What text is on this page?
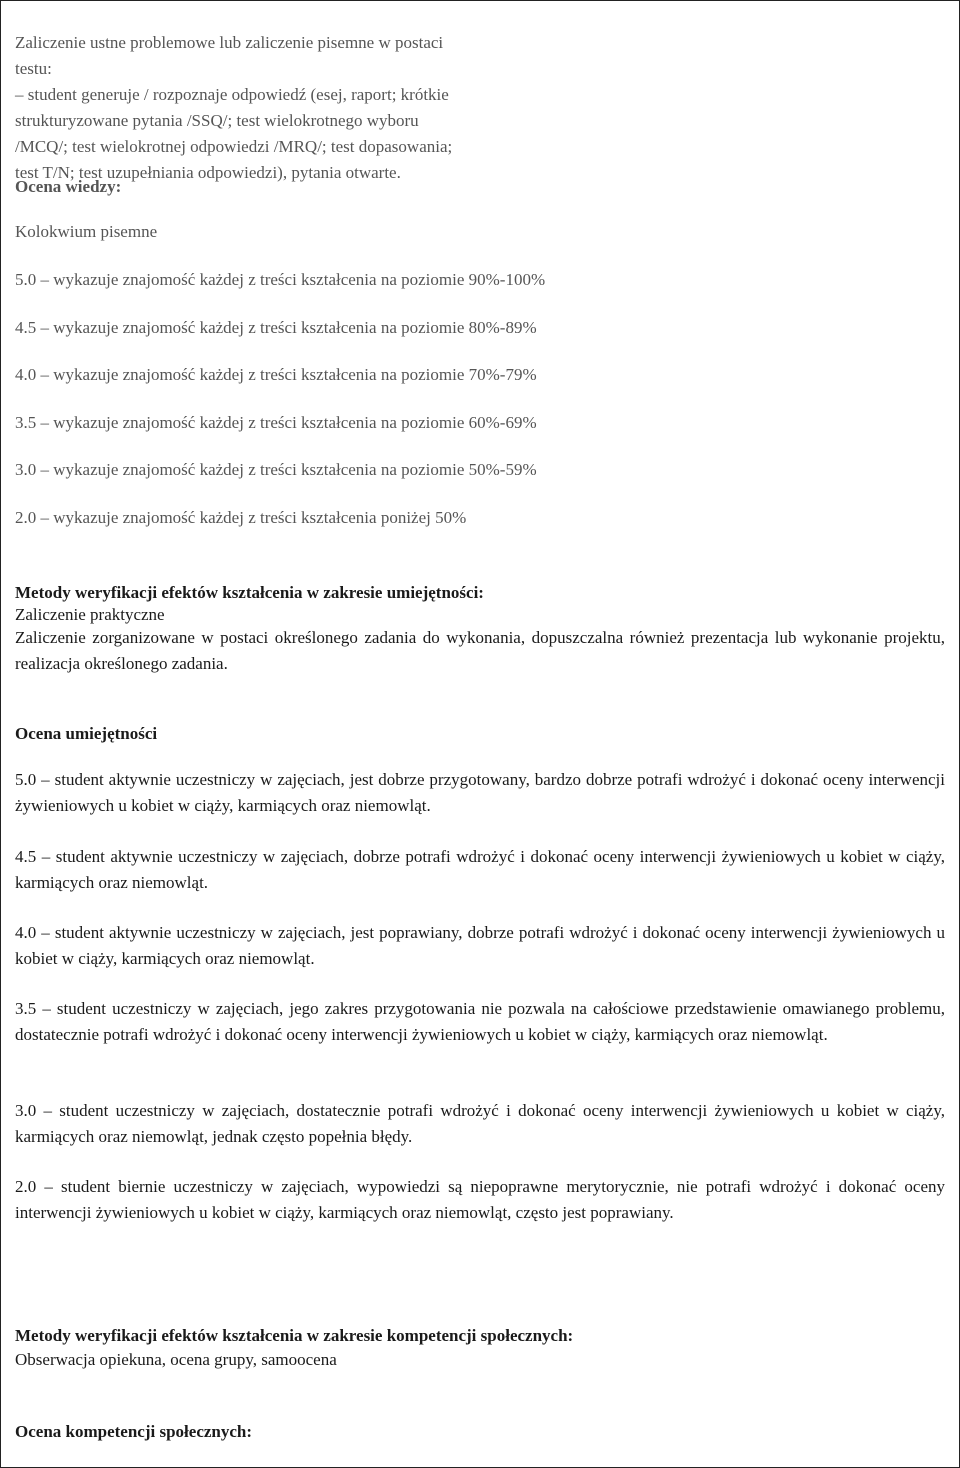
Zaliczenie ustne problemowe lub zaliczenie pisemne w postaci
testu:
– student generuje / rozpoznaje odpowiedź (esej, raport; krótkie
strukturyzowane pytania /SSQ/; test wielokrotnego wyboru
/MCQ/; test wielokrotnej odpowiedzi /MRQ/; test dopasowania;
test T/N; test uzupełniania odpowiedzi), pytania otwarte.
Ocena wiedzy:
Kolokwium pisemne
5.0 – wykazuje znajomość każdej z treści kształcenia na poziomie 90%-100%
4.5 – wykazuje znajomość każdej z treści kształcenia na poziomie 80%-89%
4.0 – wykazuje znajomość każdej z treści kształcenia na poziomie 70%-79%
3.5 – wykazuje znajomość każdej z treści kształcenia na poziomie 60%-69%
3.0 – wykazuje znajomość każdej z treści kształcenia na poziomie 50%-59%
2.0 – wykazuje znajomość każdej z treści kształcenia poniżej 50%
Metody weryfikacji efektów kształcenia w zakresie umiejętności:
Zaliczenie praktyczne
Zaliczenie zorganizowane w postaci określonego zadania do wykonania, dopuszczalna również prezentacja lub wykonanie projektu, realizacja określonego zadania.
Ocena umiejętności
5.0 – student aktywnie uczestniczy w zajęciach, jest dobrze przygotowany, bardzo dobrze potrafi wdrożyć i dokonać oceny interwencji żywieniowych u kobiet w ciąży, karmiących oraz niemowląt.
4.5 – student aktywnie uczestniczy w zajęciach, dobrze potrafi wdrożyć i dokonać oceny interwencji żywieniowych u kobiet w ciąży, karmiących oraz niemowląt.
4.0 – student aktywnie uczestniczy w zajęciach, jest poprawiany, dobrze potrafi wdrożyć i dokonać oceny interwencji żywieniowych u kobiet w ciąży, karmiących oraz niemowląt.
3.5 – student uczestniczy w zajęciach, jego zakres przygotowania nie pozwala na całościowe przedstawienie omawianego problemu, dostatecznie potrafi wdrożyć i dokonać oceny interwencji żywieniowych u kobiet w ciąży, karmiących oraz niemowląt.
3.0 – student uczestniczy w zajęciach, dostatecznie potrafi wdrożyć i dokonać oceny interwencji żywieniowych u kobiet w ciąży, karmiących oraz niemowląt, jednak często popełnia błędy.
2.0 – student biernie uczestniczy w zajęciach, wypowiedzi są niepoprawne merytorycznie, nie potrafi wdrożyć i dokonać oceny interwencji żywieniowych u kobiet w ciąży, karmiących oraz niemowląt, często jest poprawiany.
Metody weryfikacji efektów kształcenia w zakresie kompetencji społecznych:
Obserwacja opiekuna, ocena grupy, samoocena
Ocena kompetencji społecznych:
